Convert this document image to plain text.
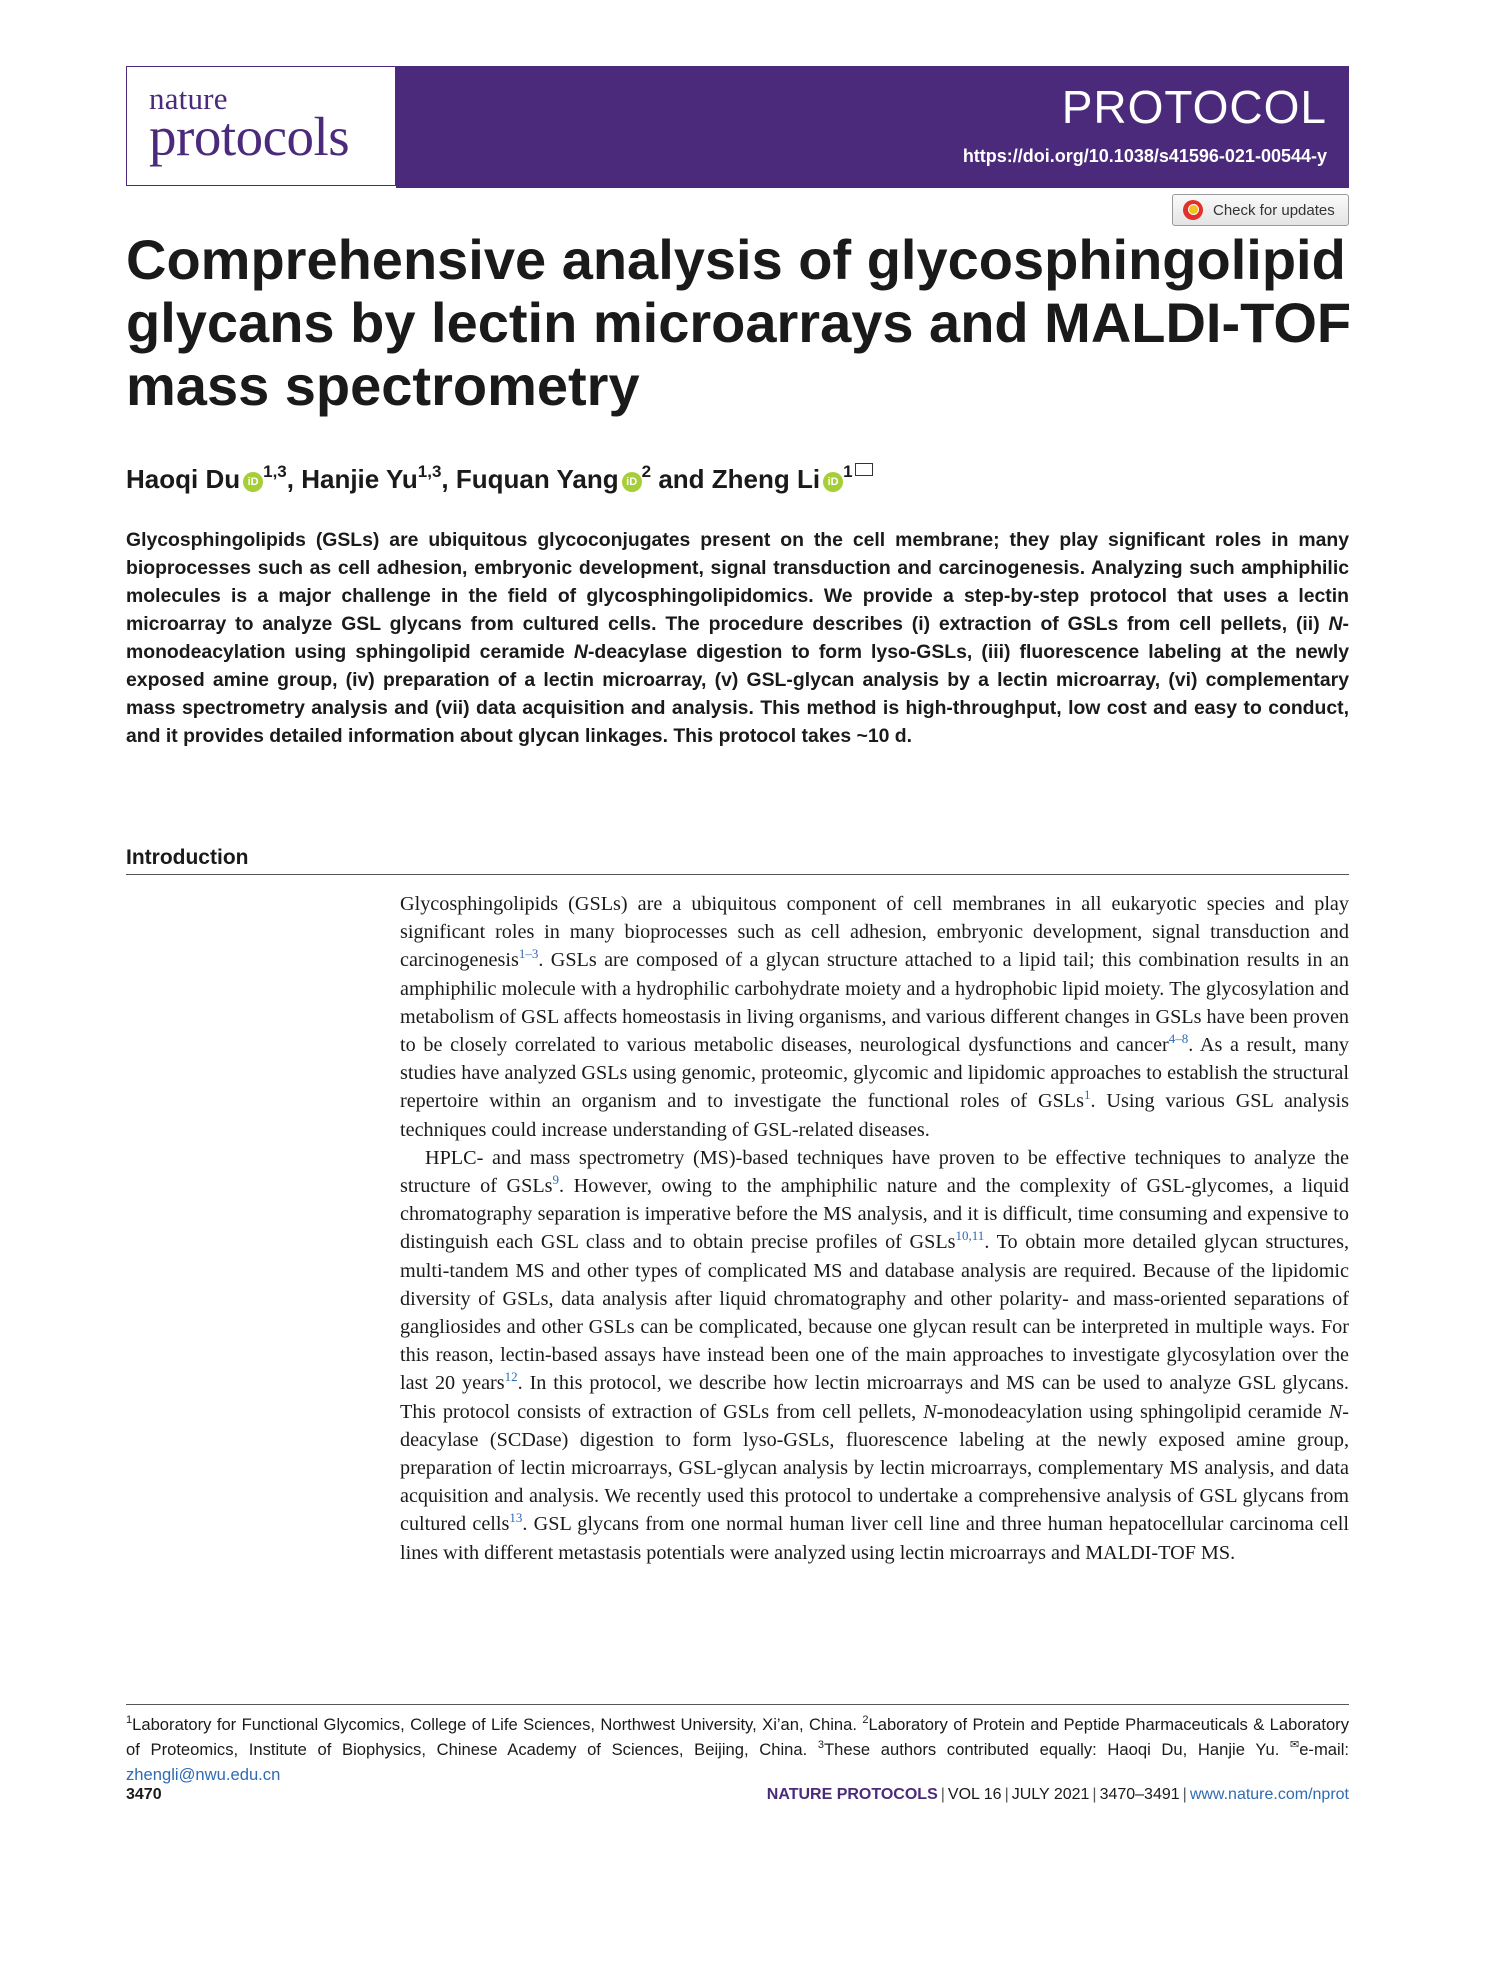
nature
protocols	PROTOCOL
https://doi.org/10.1038/s41596-021-00544-y
Check for updates
Comprehensive analysis of glycosphingolipid glycans by lectin microarrays and MALDI-TOF mass spectrometry
Haoqi Du iD$^{1,3}$, Hanjie Yu$^{1,3}$, Fuquan Yang $iD^2$ and Zheng Li $iD^1$

Glycosphingolipids (GSLs) are ubiquitous glycoconjugates present on the cell membrane; they play significant roles in many bioprocesses such as cell adhesion, embryonic development, signal transduction and carcinogenesis. Analyzing such amphiphilic molecules is a major challenge in the field of glycosphingolipidomics. We provide a step-by-step protocol that uses a lectin microarray to analyze GSL glycans from cultured cells. The procedure describes (i) extraction of GSLs from cell pellets, (ii) N-monodeacylation using sphingolipid ceramide N-deacylase digestion to form lyso-GSLs, (iii) fluorescence labeling at the newly exposed amine group, (iv) preparation of a lectin microarray, (v) GSL-glycan analysis by a lectin microarray, (vi) complementary mass spectrometry analysis and (vii) data acquisition and analysis. This method is high-throughput, low cost and easy to conduct, and it provides detailed information about glycan linkages. This protocol takes ~10 d.

Introduction

Glycosphingolipids (GSLs) are a ubiquitous component of cell membranes in all eukaryotic species and play significant roles in many bioprocesses such as cell adhesion, embryonic development, signal transduction and carcinogenesis$^{1-3}$. GSLs are composed of a glycan structure attached to a lipid tail; this combination results in an amphiphilic molecule with a hydrophilic carbohydrate moiety and a hydrophobic lipid moiety. The glycosylation and metabolism of GSL affects homeostasis in living organisms, and various different changes in GSLs have been proven to be closely correlated to various metabolic diseases, neurological dysfunctions and cancer$^{4-8}$. As a result, many studies have analyzed GSLs using genomic, proteomic, glycomic and lipidomic approaches to establish the structural repertoire within an organism and to investigate the functional roles of GSLs$^1$. Using various GSL analysis techniques could increase understanding of GSL-related diseases.

HPLC- and mass spectrometry (MS)-based techniques have proven to be effective techniques to analyze the structure of GSLs$^9$. However, owing to the amphiphilic nature and the complexity of GSL-glycomes, a liquid chromatography separation is imperative before the MS analysis, and it is difficult, time consuming and expensive to distinguish each GSL class and to obtain precise profiles of GSLs$^{10,11}$. To obtain more detailed glycan structures, multi-tandem MS and other types of complicated MS and database analysis are required. Because of the lipidomic diversity of GSLs, data analysis after liquid chromatography and other polarity- and mass-oriented separations of gangliosides and other GSLs can be complicated, because one glycan result can be interpreted in multiple ways. For this reason, lectin-based assays have instead been one of the main approaches to investigate glycosylation over the last 20 years$^{12}$. In this protocol, we describe how lectin microarrays and MS can be used to analyze GSL glycans. This protocol consists of extraction of GSLs from cell pellets, N-monodeacylation using sphingolipid ceramide N-deacylase (SCDase) digestion to form lyso-GSLs, fluorescence labeling at the newly exposed amine group, preparation of lectin microarrays, GSL-glycan analysis by lectin microarrays, complementary MS analysis, and data acquisition and analysis. We recently used this protocol to undertake a comprehensive analysis of GSL glycans from cultured cells$^{13}$. GSL glycans from one normal human liver cell line and three human hepatocellular carcinoma cell lines with different metastasis potentials were analyzed using lectin microarrays and MALDI-TOF MS.

$^1$Laboratory for Functional Glycomics, College of Life Sciences, Northwest University, Xi’an, China. $^2$Laboratory of Protein and Peptide Pharmaceuticals & Laboratory of Proteomics, Institute of Biophysics, Chinese Academy of Sciences, Beijing, China. $^3$These authors contributed equally: Haoqi Du, Hanjie Yu. ✉e-mail: zhengli@nwu.edu.cn

3470	NATURE PROTOCOLS | VOL 16 | JULY 2021 | 3470–3491 | www.nature.com/nprot
